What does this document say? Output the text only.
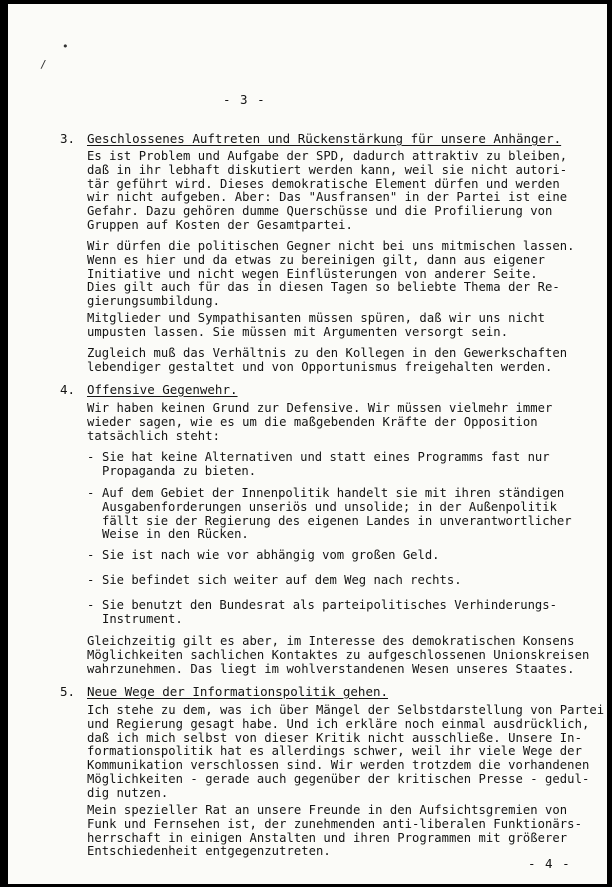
•
/
- 3 -
3. Geschlossenes Auftreten und Rückenstärkung für unsere Anhänger.

Es ist Problem und Aufgabe der SPD, dadurch attraktiv zu bleiben,
daß in ihr lebhaft diskutiert werden kann, weil sie nicht autori-
tär geführt wird. Dieses demokratische Element dürfen und werden
wir nicht aufgeben. Aber: Das "Ausfransen" in der Partei ist eine
Gefahr. Dazu gehören dumme Querschüsse und die Profilierung von
Gruppen auf Kosten der Gesamtpartei.

Wir dürfen die politischen Gegner nicht bei uns mitmischen lassen.
Wenn es hier und da etwas zu bereinigen gilt, dann aus eigener
Initiative und nicht wegen Einflüsterungen von anderer Seite.
Dies gilt auch für das in diesen Tagen so beliebte Thema der Re-
gierungsumbildung.

Mitglieder und Sympathisanten müssen spüren, daß wir uns nicht
umpusten lassen. Sie müssen mit Argumenten versorgt sein.

Zugleich muß das Verhältnis zu den Kollegen in den Gewerkschaften
lebendiger gestaltet und von Opportunismus freigehalten werden.

4. Offensive Gegenwehr.

Wir haben keinen Grund zur Defensive. Wir müssen vielmehr immer
wieder sagen, wie es um die maßgebenden Kräfte der Opposition
tatsächlich steht:

- Sie hat keine Alternativen und statt eines Programms fast nur
Propaganda zu bieten.

- Auf dem Gebiet der Innenpolitik handelt sie mit ihren ständigen
Ausgabenforderungen unseriös und unsolide; in der Außenpolitik
fällt sie der Regierung des eigenen Landes in unverantwortlicher
Weise in den Rücken.

- Sie ist nach wie vor abhängig vom großen Geld.

- Sie befindet sich weiter auf dem Weg nach rechts.

- Sie benutzt den Bundesrat als parteipolitisches Verhinderungs-
Instrument.

Gleichzeitig gilt es aber, im Interesse des demokratischen Konsens
Möglichkeiten sachlichen Kontaktes zu aufgeschlossenen Unionskreisen
wahrzunehmen. Das liegt im wohlverstandenen Wesen unseres Staates.

5. Neue Wege der Informationspolitik gehen.

Ich stehe zu dem, was ich über Mängel der Selbstdarstellung von Partei
und Regierung gesagt habe. Und ich erkläre noch einmal ausdrücklich,
daß ich mich selbst von dieser Kritik nicht ausschließe. Unsere In-
formationspolitik hat es allerdings schwer, weil ihr viele Wege der
Kommunikation verschlossen sind. Wir werden trotzdem die vorhandenen
Möglichkeiten - gerade auch gegenüber der kritischen Presse - gedul-
dig nutzen.

Mein spezieller Rat an unsere Freunde in den Aufsichtsgremien von
Funk und Fernsehen ist, der zunehmenden anti-liberalen Funktionärs-
herrschaft in einigen Anstalten und ihren Programmen mit größerer
Entschiedenheit entgegenzutreten.

- 4 -
